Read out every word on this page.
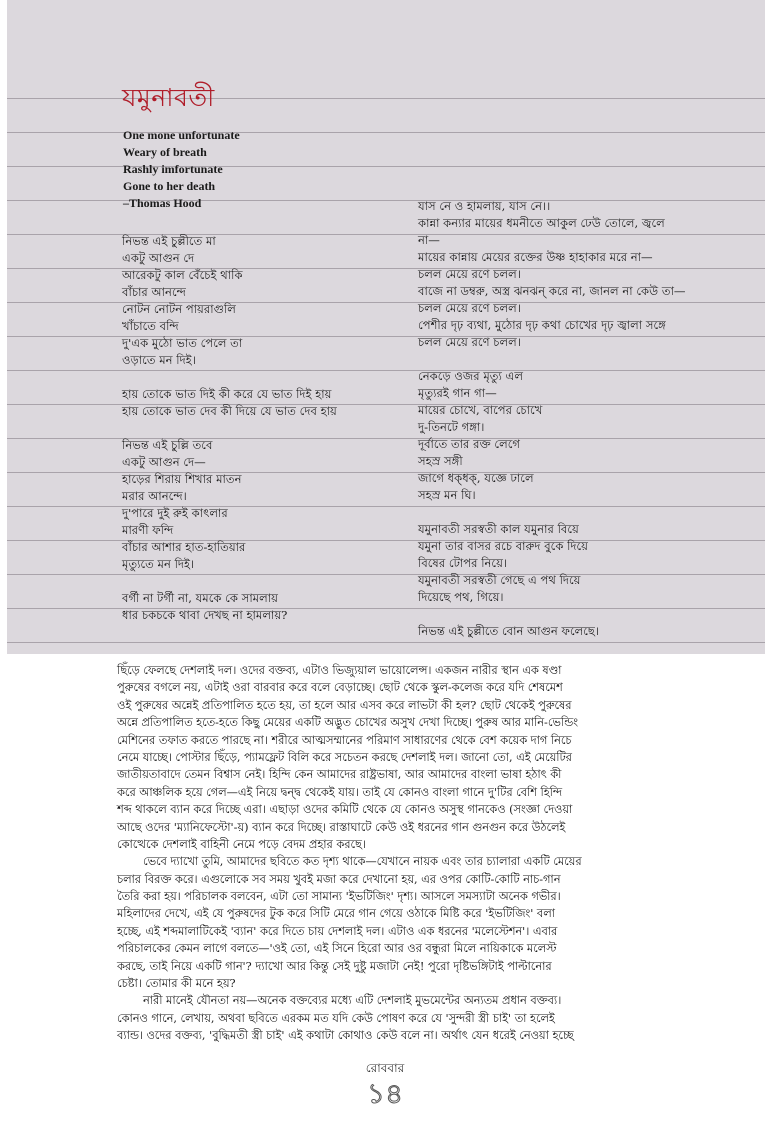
যমুনাবতী
One mone unfortunate
Weary of breath
Rashly imfortunate
Gone to her death
–Thomas Hood
নিভন্ত এই চুল্লীতে মা
একটু আগুন দে
আরেকটু কাল বেঁচেই থাকি
বাঁচার আনন্দে
নোটন নোটন পায়রাগুলি
খাঁচাতে বন্দি
দু'এক মুঠো ভাত পেলে তা
ওড়াতে মন দিই।
হায় তোকে ভাত দিই কী করে যে ভাত দিই হায়
হায় তোকে ভাত দেব কী দিয়ে যে ভাত দেব হায়
নিভন্ত এই চুল্লি তবে
একটু আগুন দে—
হাড়ের শিরায় শিখার মাতন
মরার আনন্দে।
দু'পারে দুই রুই কাৎলার
মারণী ফন্দি
বাঁচার আশার হাত-হাতিয়ার
মৃত্যুতে মন দিই।
বর্গী না টর্গী না, যমকে কে সামলায়
ধার চকচকে থাবা দেখছ না হামলায়?
যাস নে ও হামলায়, যাস নে।।
কান্না কন্যার মায়ের ধমনীতে আকুল ঢেউ তোলে, জ্বলে
না—
মায়ের কান্নায় মেয়ের রক্তের উষ্ণ হাহাকার মরে না—
চলল মেয়ে রণে চলল।
বাজে না ডম্বরু, অস্ত্র ঝনঝন্ করে না, জানল না কেউ তা—
চলল মেয়ে রণে চলল।
পেশীর দৃঢ় ব্যথা, মুঠোর দৃঢ় কথা চোখের দৃঢ় জ্বালা সঙ্গে
চলল মেয়ে রণে চলল।
নেকড়ে ওজর মৃত্যু এল
মৃত্যুরই গান গা—
মায়ের চোখে, বাপের চোখে
দু-তিনটে গঙ্গা।
দূর্বাতে তার রক্ত লেগে
সহস্র সঙ্গী
জাগে ধক্‌ধক্‌, যজ্ঞে ঢালে
সহস্র মন ঘি।
যমুনাবতী সরস্বতী কাল যমুনার বিয়ে
যমুনা তার বাসর রচে বারুদ বুকে দিয়ে
বিষের টোপর নিয়ে।
যমুনাবতী সরস্বতী গেছে এ পথ দিয়ে
দিয়েছে পথ, গিয়ে।
নিভন্ত এই চুল্লীতে বোন আগুন ফলেছে।
ছিঁড়ে ফেলছে দেশলাই দল। ওদের বক্তব্য, এটাও ভিজ্যুয়াল ভায়োলেন্স। একজন নারীর স্থান এক ষণ্ডা
পুরুষের বগলে নয়, এটাই ওরা বারবার করে বলে বেড়াচ্ছে। ছোট থেকে স্কুল-কলেজ করে যদি শেষমেশ
ওই পুরুষের অন্নেই প্রতিপালিত হতে হয়, তা হলে আর এসব করে লাভটা কী হল? ছোট থেকেই পুরুষের
অন্নে প্রতিপালিত হতে-হতে কিছু মেয়ের একটি অদ্ভুত চোখের অসুখ দেখা দিচ্ছে। পুরুষ আর মানি-ভেন্ডিং
মেশিনের তফাত করতে পারছে না। শরীরে আত্মসম্মানের পরিমাণ সাধারণের থেকে বেশ কয়েক দাগ নিচে
নেমে যাচ্ছে। পোস্টার ছিঁড়ে, প্যামফ্লেট বিলি করে সচেতন করছে দেশলাই দল। জানো তো, এই মেয়েটির
জাতীয়তাবাদে তেমন বিশ্বাস নেই। হিন্দি কেন আমাদের রাষ্ট্রভাষা, আর আমাদের বাংলা ভাষা হঠাৎ কী
করে আঞ্চলিক হয়ে গেল—এই নিয়ে দ্বন্দ্ব থেকেই যায়। তাই যে কোনও বাংলা গানে দু'টির বেশি হিন্দি
শব্দ থাকলে ব্যান করে দিচ্ছে এরা। এছাড়া ওদের কমিটি থেকে যে কোনও অসুস্থ গানকেও (সংজ্ঞা দেওয়া
আছে ওদের 'ম্যানিফেস্টো'-য়) ব্যান করে দিচ্ছে। রাস্তাঘাটে কেউ ওই ধরনের গান গুনগুন করে উঠলেই
কোত্থেকে দেশলাই বাহিনী নেমে পড়ে বেদম প্রহার করছে।
ভেবে দ্যাখো তুমি, আমাদের ছবিতে কত দৃশ্য থাকে—যেখানে নায়ক এবং তার চ্যালারা একটি মেয়ের
চলার বিরক্ত করে। এগুলোকে সব সময় খুবই মজা করে দেখানো হয়, এর ওপর কোটি-কোটি নাচ-গান
তৈরি করা হয়। পরিচালক বলবেন, এটা তো সামান্য 'ইভটিজিং' দৃশ্য। আসলে সমস্যাটা অনেক গভীর।
মহিলাদের দেখে, এই যে পুরুষদের টুক করে সিটি মেরে গান গেয়ে ওঠাকে মিষ্টি করে 'ইভটিজিং' বলা
হচ্ছে, এই শব্দমালাটিকেই 'ব্যান' করে দিতে চায় দেশলাই দল। এটাও এক ধরনের 'মলেস্টেশন'। এবার
পরিচালকের কেমন লাগে বলতে—'ওই তো, এই সিনে হিরো আর ওর বন্ধুরা মিলে নায়িকাকে মলেস্ট
করছে, তাই নিয়ে একটি গান'? দ্যাখো আর কিন্তু সেই দুষ্টু মজাটা নেই! পুরো দৃষ্টিভঙ্গিটাই পাল্টানোর
চেষ্টা। তোমার কী মনে হয়?
নারী মানেই যৌনতা নয়—অনেক বক্তব্যের মধ্যে এটি দেশলাই মুভমেন্টের অন্যতম প্রধান বক্তব্য।
কোনও গানে, লেখায়, অথবা ছবিতে এরকম মত যদি কেউ পোষণ করে যে 'সুন্দরী স্ত্রী চাই' তা হলেই
ব্যান্ড। ওদের বক্তব্য, 'বুদ্ধিমতী স্ত্রী চাই' এই কথাটা কোথাও কেউ বলে না। অর্থাৎ যেন ধরেই নেওয়া হচ্ছে
রোববার
১৪
